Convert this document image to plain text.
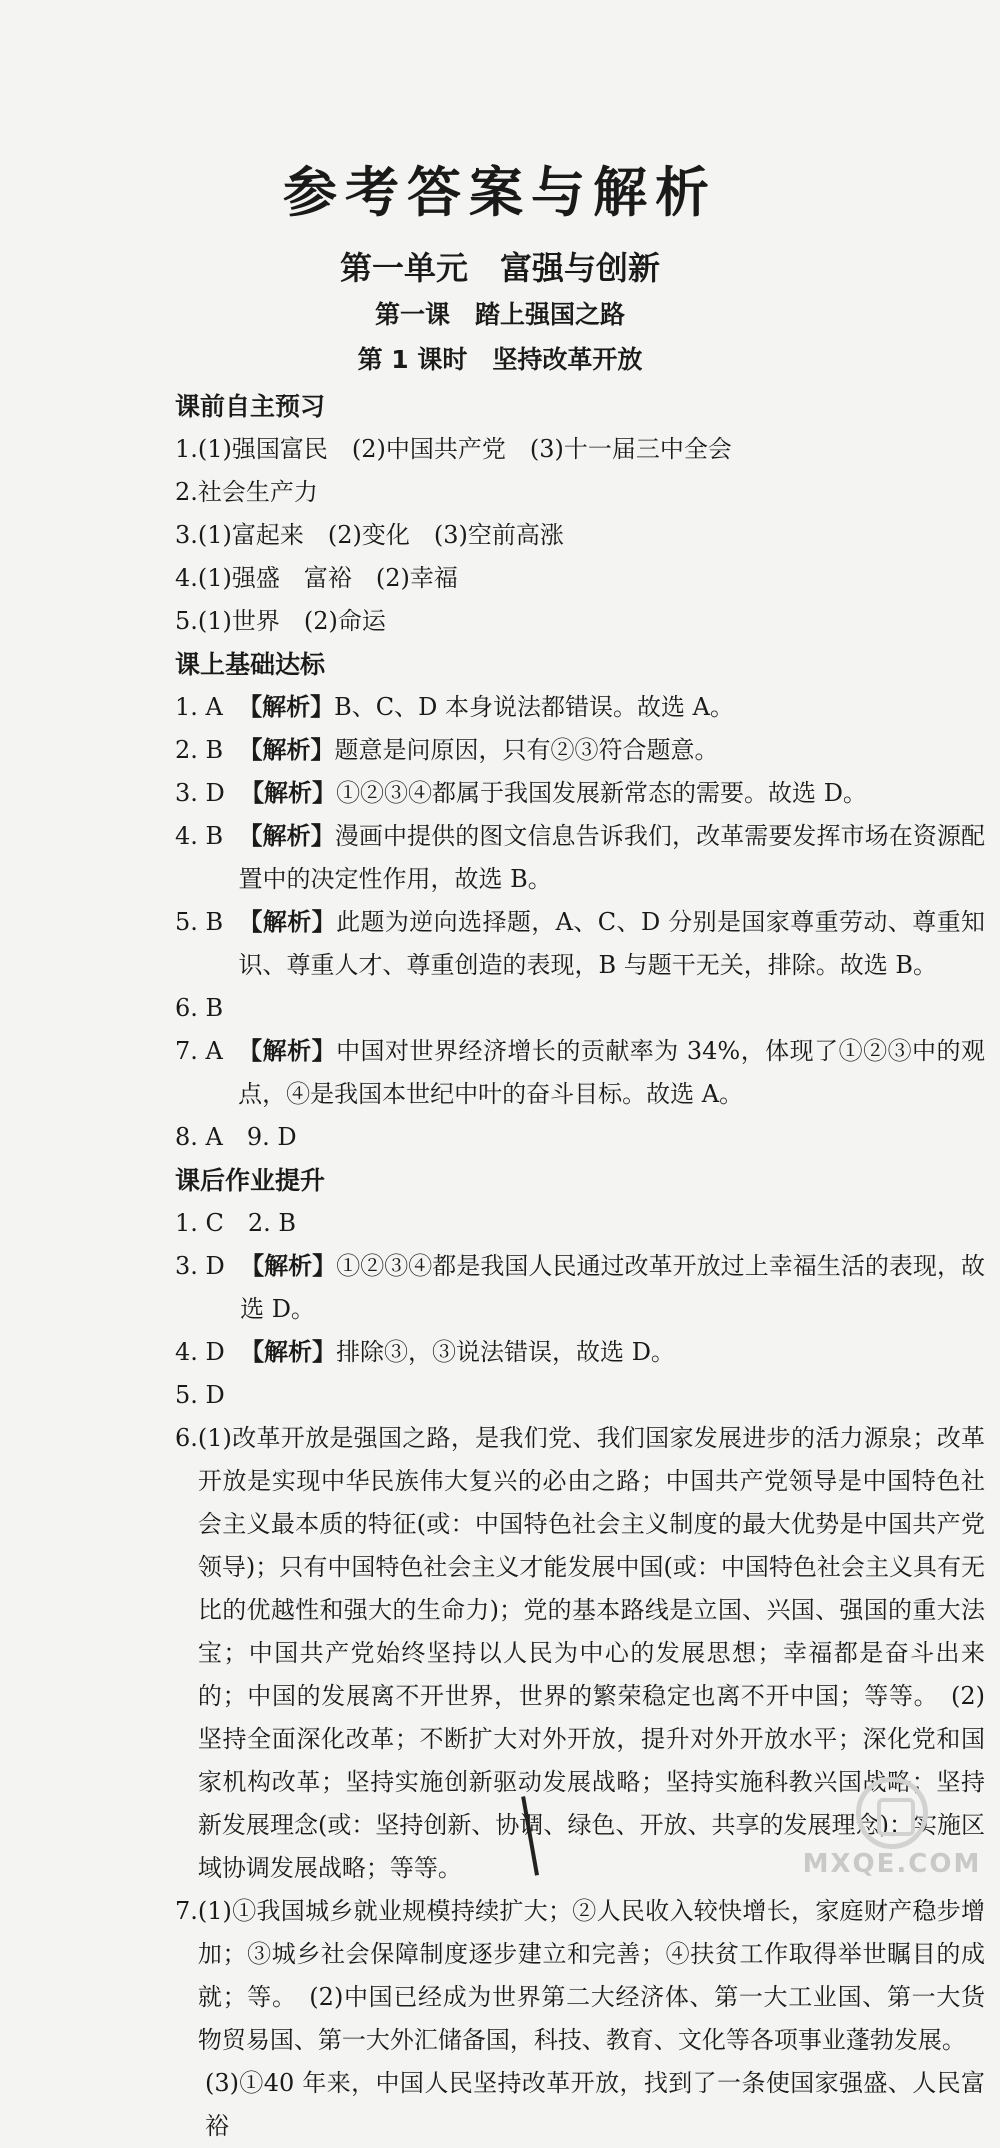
参考答案与解析
第一单元　富强与创新
第一课　踏上强国之路
第 1 课时　坚持改革开放
课前自主预习
1. (1)强国富民　(2)中国共产党　(3)十一届三中全会
2. 社会生产力
3. (1)富起来　(2)变化　(3)空前高涨
4. (1)强盛　富裕　(2)幸福
5. (1)世界　(2)命运
课上基础达标
1. A 【解析】B、C、D 本身说法都错误。故选 A。
2. B 【解析】题意是问原因，只有②③符合题意。
3. D 【解析】①②③④都属于我国发展新常态的需要。故选 D。
4. B 【解析】漫画中提供的图文信息告诉我们，改革需要发挥市场在资源配置中的决定性作用，故选 B。
5. B 【解析】此题为逆向选择题，A、C、D 分别是国家尊重劳动、尊重知识、尊重人才、尊重创造的表现，B 与题干无关，排除。故选 B。
6. B
7. A 【解析】中国对世界经济增长的贡献率为 34%，体现了①②③中的观点，④是我国本世纪中叶的奋斗目标。故选 A。
8. A　9. D
课后作业提升
1. C　2. B
3. D 【解析】①②③④都是我国人民通过改革开放过上幸福生活的表现，故选 D。
4. D 【解析】排除③，③说法错误，故选 D。
5. D
6. (1)改革开放是强国之路，是我们党、我们国家发展进步的活力源泉；改革开放是实现中华民族伟大复兴的必由之路；中国共产党领导是中国特色社会主义最本质的特征(或：中国特色社会主义制度的最大优势是中国共产党领导)；只有中国特色社会主义才能发展中国(或：中国特色社会主义具有无比的优越性和强大的生命力)；党的基本路线是立国、兴国、强国的重大法宝；中国共产党始终坚持以人民为中心的发展思想；幸福都是奋斗出来的；中国的发展离不开世界，世界的繁荣稳定也离不开中国；等等。　(2)坚持全面深化改革；不断扩大对外开放，提升对外开放水平；深化党和国家机构改革；坚持实施创新驱动发展战略；坚持实施科教兴国战略；坚持新发展理念(或：坚持创新、协调、绿色、开放、共享的发展理念)；实施区域协调发展战略；等等。
7. (1)①我国城乡就业规模持续扩大；②人民收入较快增长，家庭财产稳步增加；③城乡社会保障制度逐步建立和完善；④扶贫工作取得举世瞩目的成就；等。　(2)中国已经成为世界第二大经济体、第一大工业国、第一大货物贸易国、第一大外汇储备国，科技、教育、文化等各项事业蓬勃发展。
(3)①40 年来，中国人民坚持改革开放，找到了一条使国家强盛、人民富裕
MXQE.COM
